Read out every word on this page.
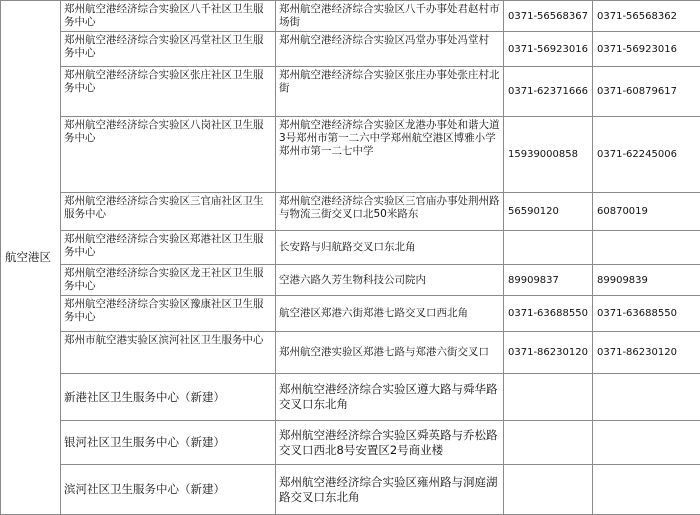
航空港区	郑州航空港经济综合实验区八千社区卫生服务中心	郑州航空港经济综合实验区八千办事处君赵村市场街	0371-56568367	0371-56568362
	郑州航空港经济综合实验区冯堂社区卫生服务中心	郑州航空港经济综合实验区冯堂办事处冯堂村	0371-56923016	0371-56923016
	郑州航空港经济综合实验区张庄社区卫生服务中心	郑州航空港经济综合实验区张庄办事处张庄村北街	0371-62371666	0371-60879617
	郑州航空港经济综合实验区八岗社区卫生服务中心	郑州航空港经济综合实验区龙港办事处和谐大道3号郑州市第一二六中学郑州航空港区博雅小学郑州市第一二七中学	15939000858	0371-62245006
	郑州航空港经济综合实验区三官庙社区卫生服务中心	郑州航空港经济综合实验区三官庙办事处荆州路与物流三街交叉口北50米路东	56590120	60870019
	郑州航空港经济综合实验区郑港社区卫生服务中心	长安路与归航路交叉口东北角		
	郑州航空港经济综合实验区龙王社区卫生服务中心	空港六路久芳生物科技公司院内	89909837	89909839
	郑州航空港经济综合实验区豫康社区卫生服务中心	航空港区郑港六街郑港七路交叉口西北角	0371-63688550	0371-63688550
	郑州市航空港实验区滨河社区卫生服务中心	郑州航空港实验区郑港七路与郑港六街交叉口	0371-86230120	0371-86230120
	新港社区卫生服务中心（新建）	郑州航空港经济综合实验区遵大路与舜华路交叉口东北角		
	银河社区卫生服务中心（新建）	郑州航空港经济综合实验区舜英路与乔松路交叉口西北8号安置区2号商业楼		
	滨河社区卫生服务中心（新建）	郑州航空港经济综合实验区雍州路与洞庭湖路交叉口东北角		
